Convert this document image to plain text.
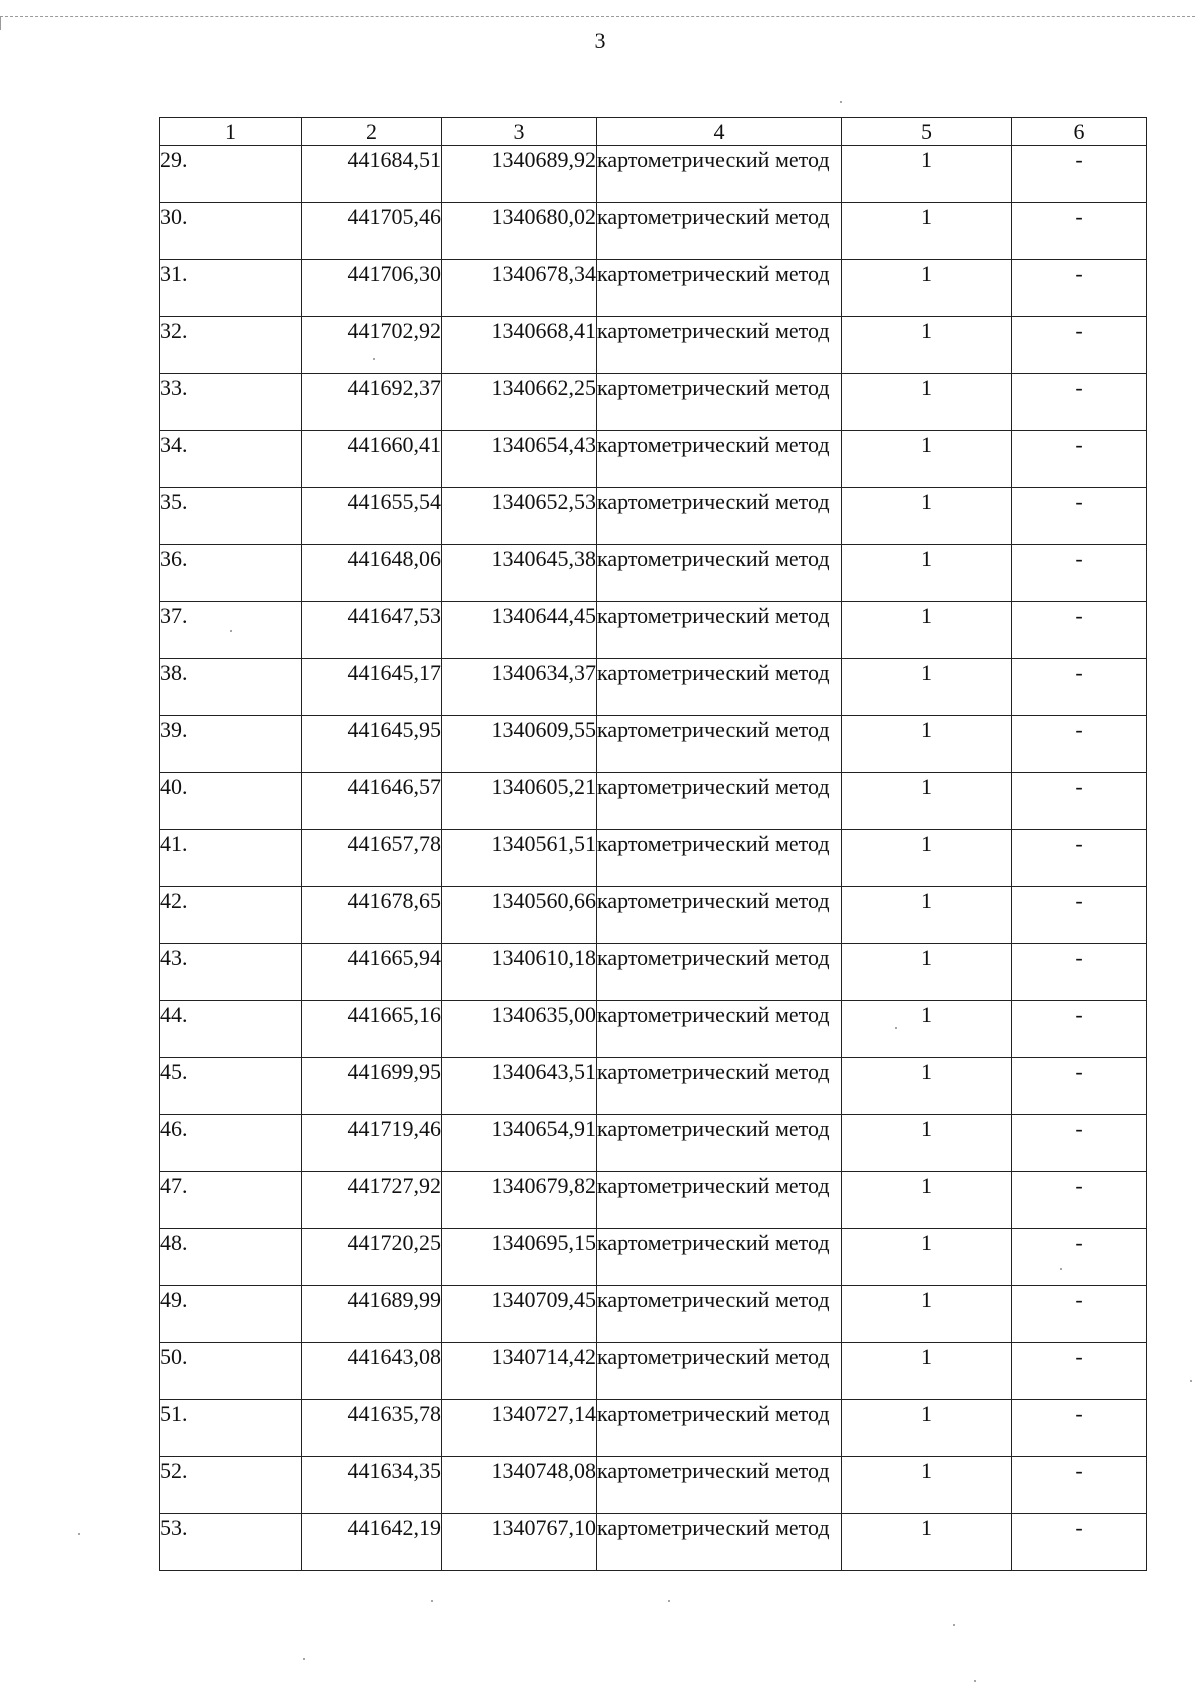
3
1	2	3	4	5	6
29.	441684,51	1340689,92	картометрический метод	1	-
30.	441705,46	1340680,02	картометрический метод	1	-
31.	441706,30	1340678,34	картометрический метод	1	-
32.	441702,92	1340668,41	картометрический метод	1	-
33.	441692,37	1340662,25	картометрический метод	1	-
34.	441660,41	1340654,43	картометрический метод	1	-
35.	441655,54	1340652,53	картометрический метод	1	-
36.	441648,06	1340645,38	картометрический метод	1	-
37.	441647,53	1340644,45	картометрический метод	1	-
38.	441645,17	1340634,37	картометрический метод	1	-
39.	441645,95	1340609,55	картометрический метод	1	-
40.	441646,57	1340605,21	картометрический метод	1	-
41.	441657,78	1340561,51	картометрический метод	1	-
42.	441678,65	1340560,66	картометрический метод	1	-
43.	441665,94	1340610,18	картометрический метод	1	-
44.	441665,16	1340635,00	картометрический метод	1	-
45.	441699,95	1340643,51	картометрический метод	1	-
46.	441719,46	1340654,91	картометрический метод	1	-
47.	441727,92	1340679,82	картометрический метод	1	-
48.	441720,25	1340695,15	картометрический метод	1	-
49.	441689,99	1340709,45	картометрический метод	1	-
50.	441643,08	1340714,42	картометрический метод	1	-
51.	441635,78	1340727,14	картометрический метод	1	-
52.	441634,35	1340748,08	картометрический метод	1	-
53.	441642,19	1340767,10	картометрический метод	1	-
